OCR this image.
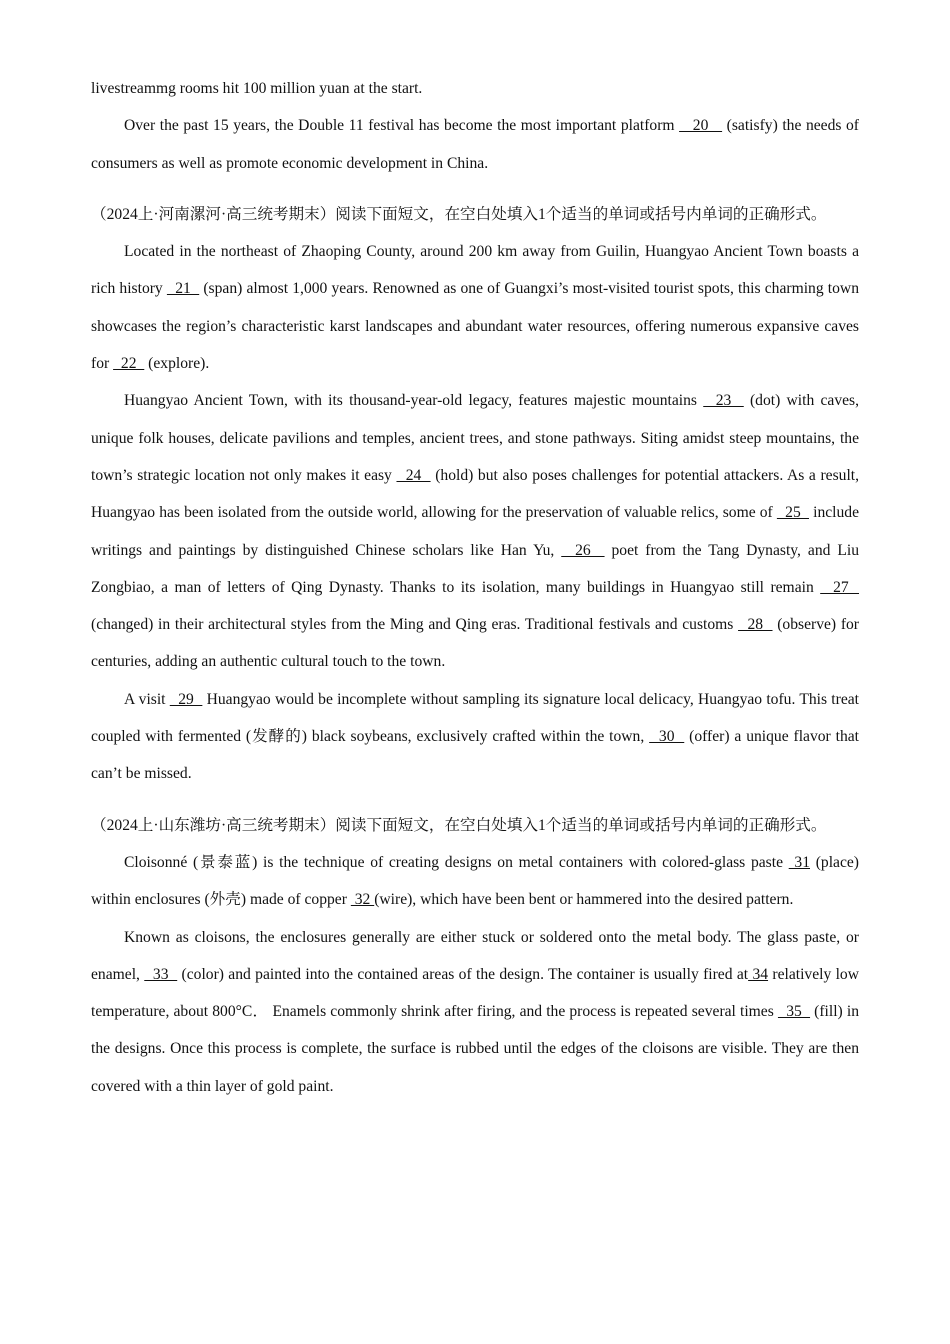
livestreammg rooms hit 100 million yuan at the start.

Over the past 15 years, the Double 11 festival has become the most important platform    20    (satisfy) the needs of consumers as well as promote economic development in China.

（2024上·河南漯河·高三统考期末）阅读下面短文，在空白处填入1个适当的单词或括号内单词的正确形式。

Located in the northeast of Zhaoping County, around 200 km away from Guilin, Huangyao Ancient Town boasts a rich history   21   (span) almost 1,000 years. Renowned as one of Guangxi’s most-visited tourist spots, this charming town showcases the region’s characteristic karst landscapes and abundant water resources, offering numerous expansive caves for   22   (explore).

Huangyao Ancient Town, with its thousand-year-old legacy, features majestic mountains   23   (dot) with caves, unique folk houses, delicate pavilions and temples, ancient trees, and stone pathways. Siting amidst steep mountains, the town’s strategic location not only makes it easy   24   (hold) but also poses challenges for potential attackers. As a result, Huangyao has been isolated from the outside world, allowing for the preservation of valuable relics, some of   25   include writings and paintings by distinguished Chinese scholars like Han Yu,   26   poet from the Tang Dynasty, and Liu Zongbiao, a man of letters of Qing Dynasty. Thanks to its isolation, many buildings in Huangyao still remain   27   (changed) in their architectural styles from the Ming and Qing eras. Traditional festivals and customs   28   (observe) for centuries, adding an authentic cultural touch to the town.

A visit   29   Huangyao would be incomplete without sampling its signature local delicacy, Huangyao tofu. This treat coupled with fermented (发酵的) black soybeans, exclusively crafted within the town,   30   (offer) a unique flavor that can’t be missed.

（2024上·山东潍坊·高三统考期末）阅读下面短文，在空白处填入1个适当的单词或括号内单词的正确形式。

Cloisonné (景泰蓝) is the technique of creating designs on metal containers with colored-glass paste  31 (place) within enclosures (外壳) made of copper  32 (wire), which have been bent or hammered into the desired pattern.

Known as cloisons, the enclosures generally are either stuck or soldered onto the metal body. The glass paste, or enamel,   33   (color) and painted into the contained areas of the design. The container is usually fired at 34 relatively low temperature, about 800°C． Enamels commonly shrink after firing, and the process is repeated several times   35   (fill) in the designs. Once this process is complete, the surface is rubbed until the edges of the cloisons are visible. They are then covered with a thin layer of gold paint.
